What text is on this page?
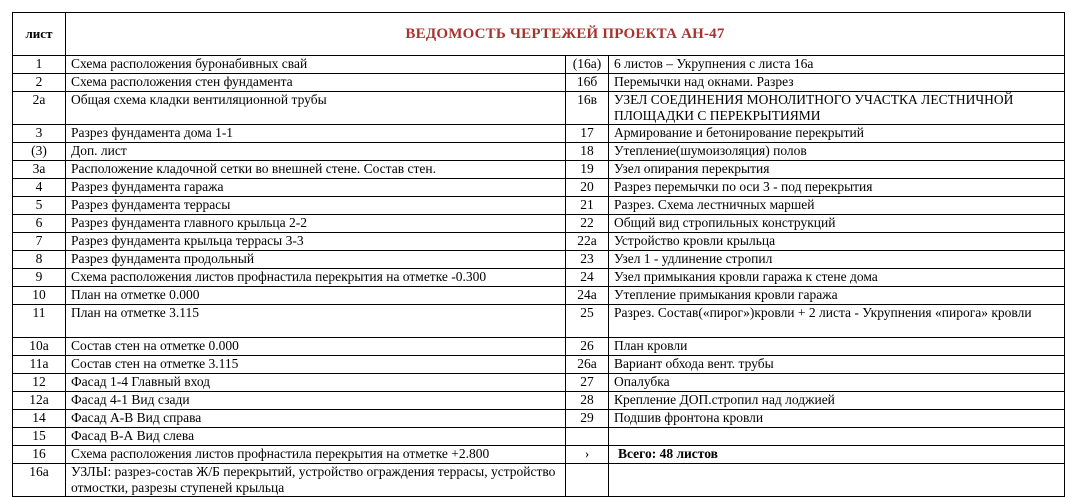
лист	ВЕДОМОСТЬ ЧЕРТЕЖЕЙ ПРОЕКТА АН-47		
1	Схема расположения буронабивных свай	(16а)	6 листов – Укрупнения с листа 16а
2	Схема расположения стен фундамента	16б	Перемычки над окнами. Разрез
2а	Общая схема кладки вентиляционной трубы	16в	УЗЕЛ СОЕДИНЕНИЯ МОНОЛИТНОГО УЧАСТКА ЛЕСТНИЧНОЙ ПЛОЩАДКИ С ПЕРЕКРЫТИЯМИ
3	Разрез фундамента дома 1-1	17	Армирование и бетонирование перекрытий
(3)	Доп. лист	18	Утепление(шумоизоляция) полов
3а	Расположение кладочной сетки во внешней стене. Состав стен.	19	Узел опирания перекрытия
4	Разрез фундамента гаража	20	Разрез перемычки по оси 3 - под перекрытия
5	Разрез фундамента террасы	21	Разрез. Схема лестничных маршей
6	Разрез фундамента главного крыльца 2-2	22	Общий вид стропильных конструкций
7	Разрез фундамента крыльца террасы 3-3	22а	Устройство кровли крыльца
8	Разрез фундамента продольный	23	Узел 1 - удлинение стропил
9	Схема расположения листов профнастила перекрытия на отметке -0.300	24	Узел примыкания кровли гаража к стене дома
10	План на отметке 0.000	24а	Утепление примыкания кровли гаража
11	План на отметке 3.115	25	Разрез. Состав(«пирог»)кровли + 2 листа - Укрупнения «пирога» кровли
10а	Состав стен на отметке 0.000	26	План кровли
11а	Состав стен на отметке 3.115	26а	Вариант обхода вент. трубы
12	Фасад 1-4 Главный вход	27	Опалубка
12а	Фасад 4-1 Вид сзади	28	Крепление ДОП.стропил над лоджией
14	Фасад А-В Вид справа	29	Подшив фронтона кровли
15	Фасад В-А Вид слева		
16	Схема расположения листов профнастила перекрытия на отметке +2.800	›	Всего: 48 листов
16а	УЗЛЫ: разрез-состав Ж/Б перекрытий, устройство ограждения террасы, устройство отмостки, разрезы ступеней крыльца		
